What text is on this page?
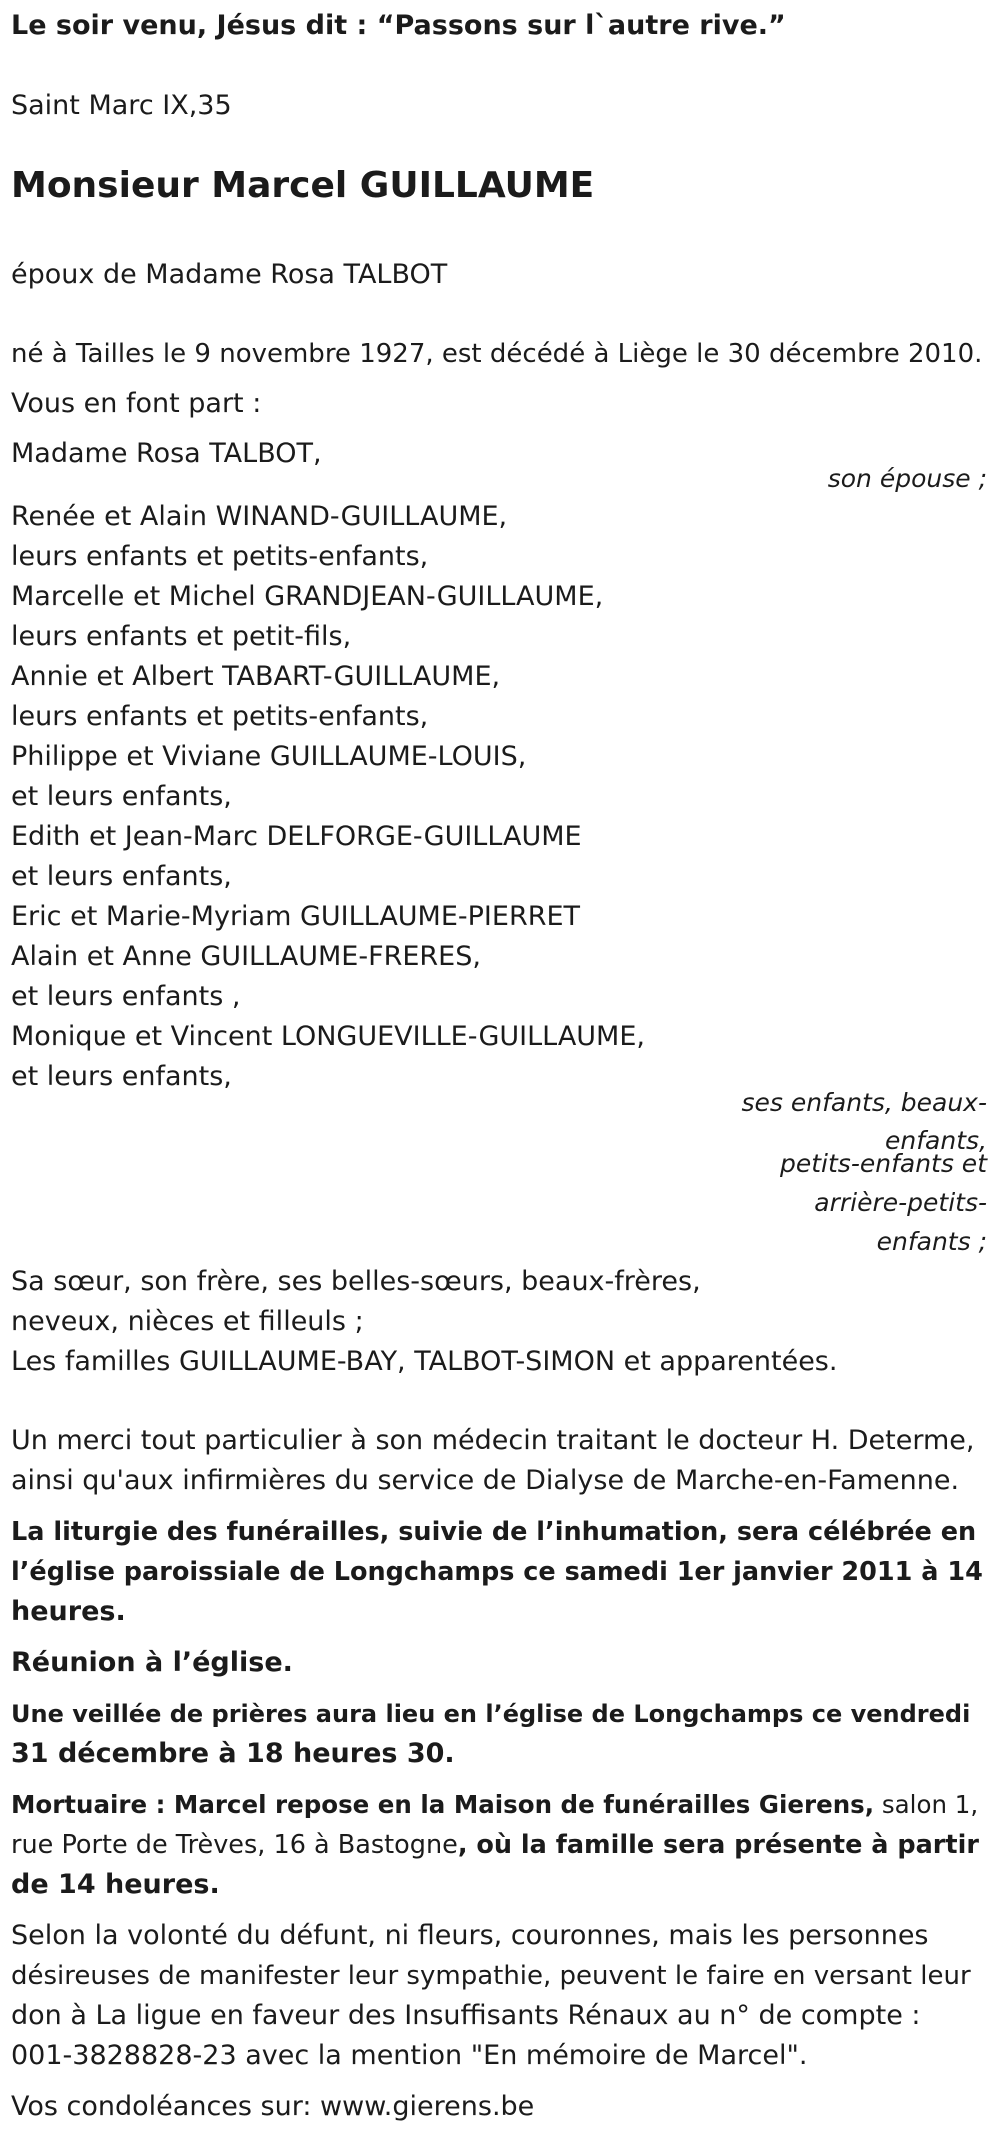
Le soir venu, Jésus dit : “Passons sur l`autre rive.”

Saint Marc IX,35

Monsieur Marcel GUILLAUME

époux de Madame Rosa TALBOT

né à Tailles le 9 novembre 1927, est décédé à Liège le 30 décembre 2010.

Vous en font part :

Madame Rosa TALBOT,

son épouse ;

Renée et Alain WINAND-GUILLAUME,

leurs enfants et petits-enfants,

Marcelle et Michel GRANDJEAN-GUILLAUME,

leurs enfants et petit-fils,

Annie et Albert TABART-GUILLAUME,

leurs enfants et petits-enfants,

Philippe et Viviane GUILLAUME-LOUIS,

et leurs enfants,

Edith et Jean-Marc DELFORGE-GUILLAUME

et leurs enfants,

Eric et Marie-Myriam GUILLAUME-PIERRET

Alain et Anne GUILLAUME-FRERES,

et leurs enfants ,

Monique et Vincent LONGUEVILLE-GUILLAUME,

et leurs enfants,

ses enfants, beaux-

enfants,

petits-enfants et

arrière-petits-

enfants ;

Sa sœur, son frère, ses belles-sœurs, beaux-frères,

neveux, nièces et filleuls ;

Les familles GUILLAUME-BAY, TALBOT-SIMON et apparentées.

Un merci tout particulier à son médecin traitant le docteur H. Determe,

ainsi qu'aux infirmières du service de Dialyse de Marche-en-Famenne.

La liturgie des funérailles, suivie de l’inhumation, sera célébrée en

l’église paroissiale de Longchamps ce samedi 1er janvier 2011 à 14

heures.

Réunion à l’église.

Une veillée de prières aura lieu en l’église de Longchamps ce vendredi

31 décembre à 18 heures 30.

Mortuaire : Marcel repose en la Maison de funérailles Gierens, salon 1,

rue Porte de Trèves, 16 à Bastogne, où la famille sera présente à partir

de 14 heures.

Selon la volonté du défunt, ni fleurs, couronnes, mais les personnes

désireuses de manifester leur sympathie, peuvent le faire en versant leur

don à La ligue en faveur des Insuffisants Rénaux au n° de compte :

001-3828828-23 avec la mention "En mémoire de Marcel".

Vos condoléances sur: www.gierens.be
